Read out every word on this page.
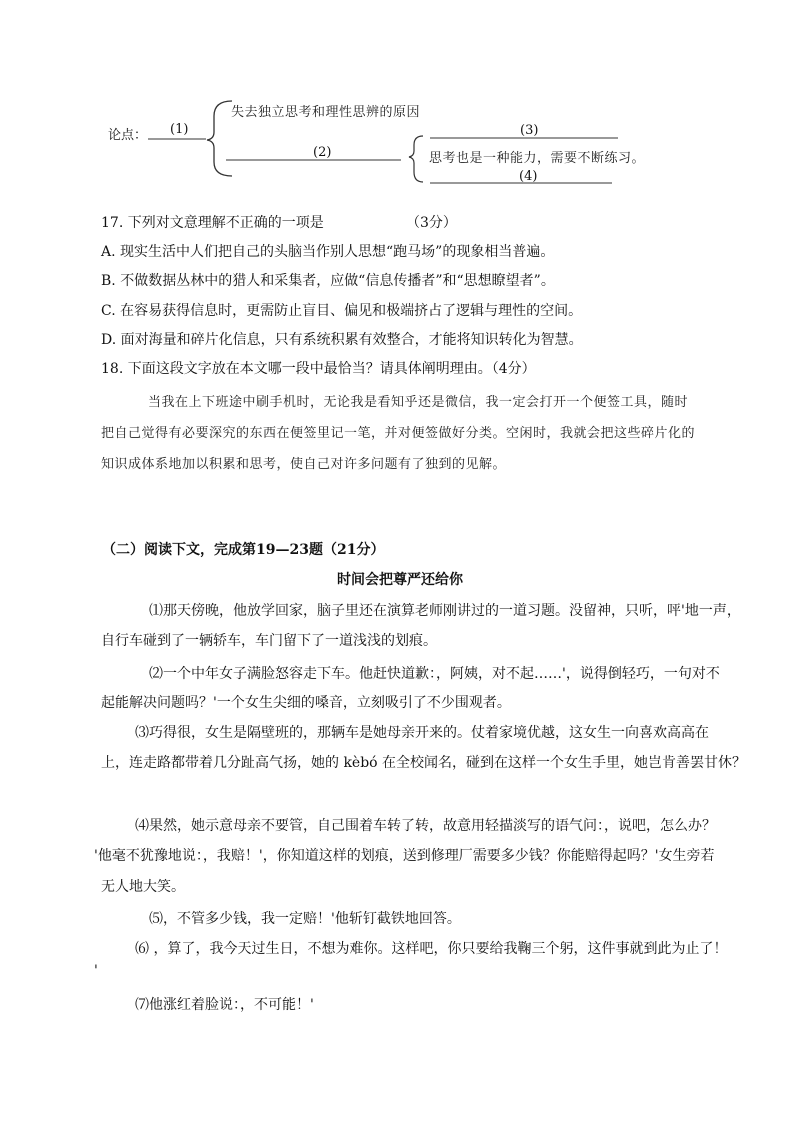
论点： (1)
失去独立思考和理性思辨的原因
(2)
(3)
思考也是一种能力，需要不断练习。
(4)
17. 下列对文意理解不正确的一项是	（3分）
A. 现实生活中人们把自己的头脑当作别人思想“跑马场”的现象相当普遍。
B. 不做数据丛林中的猎人和采集者，应做“信息传播者”和“思想瞭望者”。
C. 在容易获得信息时，更需防止盲目、偏见和极端挤占了逻辑与理性的空间。
D. 面对海量和碎片化信息，只有系统积累有效整合，才能将知识转化为智慧。
18. 下面这段文字放在本文哪一段中最恰当？请具体阐明理由。（4分）
当我在上下班途中刷手机时，无论我是看知乎还是微信，我一定会打开一个便签工具，随时
把自己觉得有必要深究的东西在便签里记一笔，并对便签做好分类。空闲时，我就会把这些碎片化的
知识成体系地加以积累和思考，使自己对许多问题有了独到的见解。
（二）阅读下文，完成第19—23题（21分）
时间会把尊严还给你
⑴那天傍晚，他放学回家，脑子里还在演算老师刚讲过的一道习题。没留神，只听，呯'地一声，
自行车碰到了一辆轿车，车门留下了一道浅浅的划痕。
⑵一个中年女子满脸怒容走下车。他赶快道歉：，阿姨，对不起……'，说得倒轻巧，一句对不
起能解决问题吗？'一个女生尖细的嗓音，立刻吸引了不少围观者。
⑶巧得很，女生是隔壁班的，那辆车是她母亲开来的。仗着家境优越，这女生一向喜欢高高在
上，连走路都带着几分趾高气扬，她的 kèbó 在全校闻名，碰到在这样一个女生手里，她岂肯善罢甘休？
⑷果然，她示意母亲不要管，自己围着车转了转，故意用轻描淡写的语气问：，说吧，怎么办？
'他毫不犹豫地说：，我赔！'，你知道这样的划痕，送到修理厂需要多少钱？你能赔得起吗？'女生旁若
无人地大笑。
⑸，不管多少钱，我一定赔！'他斩钉截铁地回答。
⑹ ，算了，我今天过生日，不想为难你。这样吧，你只要给我鞠三个躬，这件事就到此为止了！
'
⑺他涨红着脸说：，不可能！'
